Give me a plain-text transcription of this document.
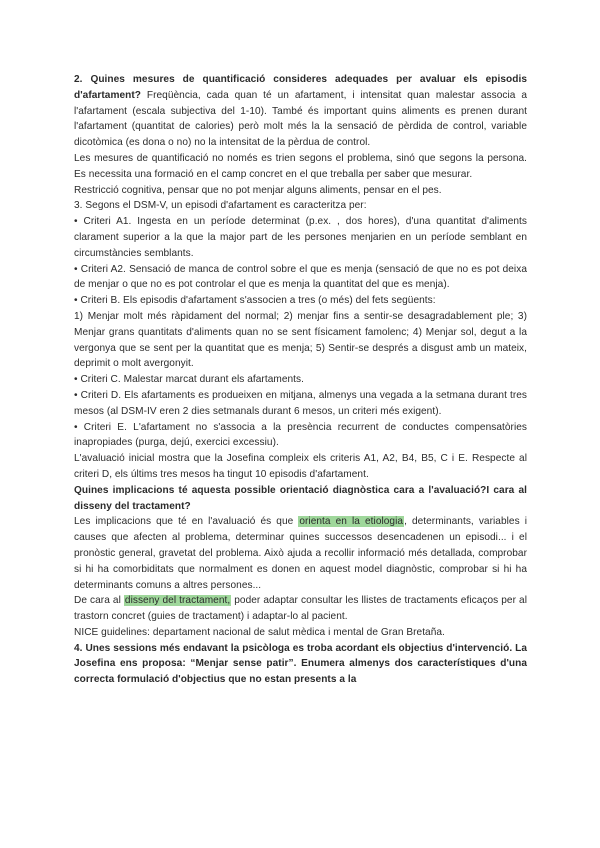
2. Quines mesures de quantificació consideres adequades per avaluar els episodis d'afartament? Freqüència, cada quan té un afartament, i intensitat quan malestar associa a l'afartament (escala subjectiva del 1-10). També és important quins aliments es prenen durant l'afartament (quantitat de calories) però molt més la la sensació de pèrdida de control, variable dicotòmica (es dona o no) no la intensitat de la pèrdua de control.

Les mesures de quantificació no només es trien segons el problema, sinó que segons la persona. Es necessita una formació en el camp concret en el que treballa per saber que mesurar.

Restricció cognitiva, pensar que no pot menjar alguns aliments, pensar en el pes.

3. Segons el DSM-V, un episodi d'afartament es caracteritza per:

• Criteri A1. Ingesta en un període determinat (p.ex. , dos hores), d'una quantitat d'aliments clarament superior a la que la major part de les persones menjarien en un període semblant en circumstàncies semblants.

• Criteri A2. Sensació de manca de control sobre el que es menja (sensació de que no es pot deixa de menjar o que no es pot controlar el que es menja la quantitat del que es menja).

• Criteri B. Els episodis d'afartament s'associen a tres (o més) del fets següents:

1) Menjar molt més ràpidament del normal; 2) menjar fins a sentir-se desagradablement ple; 3) Menjar grans quantitats d'aliments quan no se sent físicament famolenc; 4) Menjar sol, degut a la vergonya que se sent per la quantitat que es menja; 5) Sentir-se després a disgust amb un mateix, deprimit o molt avergonyit.

• Criteri C. Malestar marcat durant els afartaments.

• Criteri D. Els afartaments es produeixen en mitjana, almenys una vegada a la setmana durant tres mesos (al DSM-IV eren 2 dies setmanals durant 6 mesos, un criteri més exigent).

• Criteri E. L'afartament no s'associa a la presència recurrent de conductes compensatòries inapropiades (purga, dejú, exercici excessiu).

L'avaluació inicial mostra que la Josefina compleix els criteris A1, A2, B4, B5, C i E. Respecte al criteri D, els últims tres mesos ha tingut 10 episodis d'afartament.

Quines implicacions té aquesta possible orientació diagnòstica cara a l'avaluació?I cara al disseny del tractament?

Les implicacions que té en l'avaluació és que orienta en la etiologia, determinants, variables i causes que afecten al problema, determinar quines successos desencadenen un episodi... i el pronòstic general, gravetat del problema. Això ajuda a recollir informació més detallada, comprobar si hi ha comorbiditats que normalment es donen en aquest model diagnòstic, comprobar si hi ha determinants comuns a altres persones...

De cara al disseny del tractament, poder adaptar consultar les llistes de tractaments eficaços per al trastorn concret (guies de tractament) i adaptar-lo al pacient.

NICE guidelines: departament nacional de salut mèdica i mental de Gran Bretaña.

4. Unes sessions més endavant la psicòloga es troba acordant els objectius d'intervenció. La Josefina ens proposa: “Menjar sense patir”. Enumera almenys dos característiques d'una correcta formulació d'objectius que no estan presents a la
